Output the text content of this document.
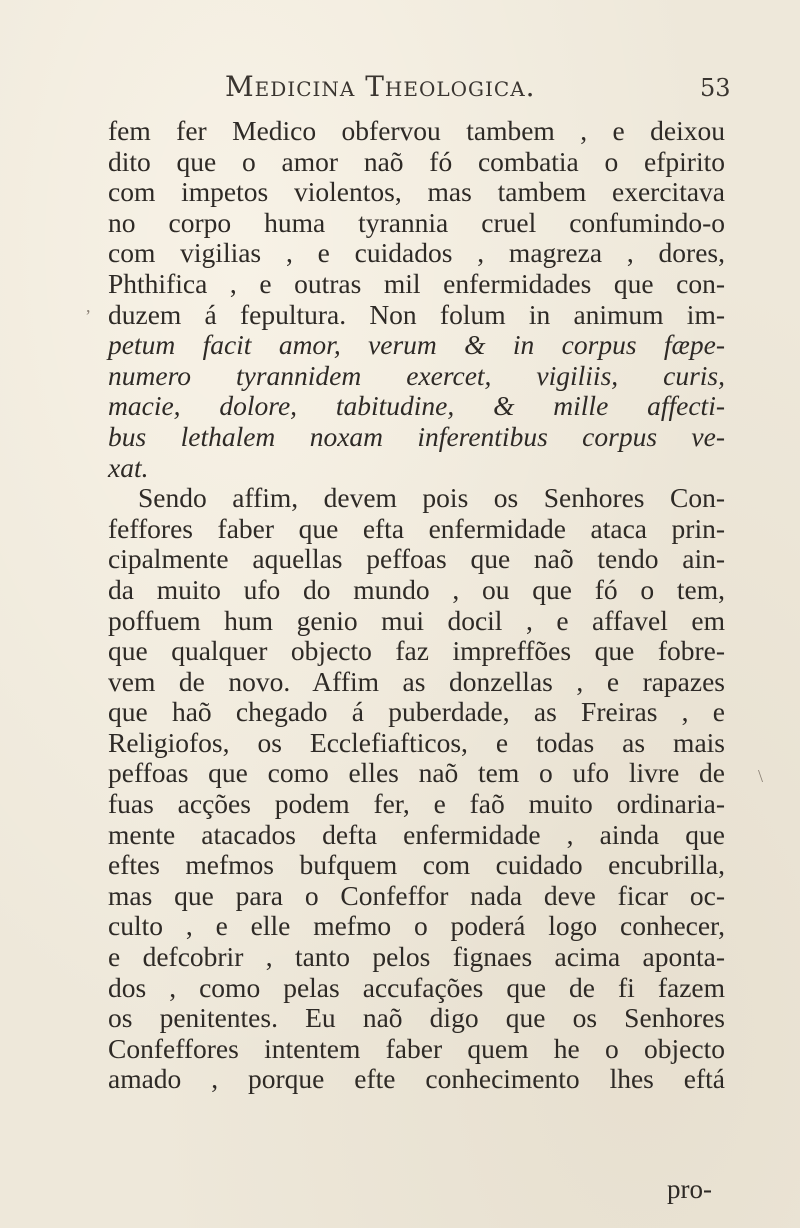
Medicina Theologica.	53
,
\
fem fer Medico obfervou tambem , e deixou
dito que o amor naõ fó combatia o efpirito
com impetos violentos, mas tambem exercitava
no corpo huma tyrannia cruel confumindo-o
com vigilias , e cuidados , magreza , dores,
Phthifica , e outras mil enfermidades que con-
duzem á fepultura. Non folum in animum im-
petum facit amor, verum & in corpus fæpe-
numero tyrannidem exercet, vigiliis, curis,
macie, dolore, tabitudine, & mille affecti-
bus lethalem noxam inferentibus corpus ve-
xat.
Sendo affim, devem pois os Senhores Con-
feffores faber que efta enfermidade ataca prin-
cipalmente aquellas peffoas que naõ tendo ain-
da muito ufo do mundo , ou que fó o tem,
poffuem hum genio mui docil , e affavel em
que qualquer objecto faz impreffões que fobre-
vem de novo. Affim as donzellas , e rapazes
que haõ chegado á puberdade, as Freiras , e
Religiofos, os Ecclefiafticos, e todas as mais
peffoas que como elles naõ tem o ufo livre de
fuas acções podem fer, e faõ muito ordinaria-
mente atacados defta enfermidade , ainda que
eftes mefmos bufquem com cuidado encubrilla,
mas que para o Confeffor nada deve ficar oc-
culto , e elle mefmo o poderá logo conhecer,
e defcobrir , tanto pelos fignaes acima aponta-
dos , como pelas accufações que de fi fazem
os penitentes. Eu naõ digo que os Senhores
Confeffores intentem faber quem he o objecto
amado , porque efte conhecimento lhes eftá
pro-
